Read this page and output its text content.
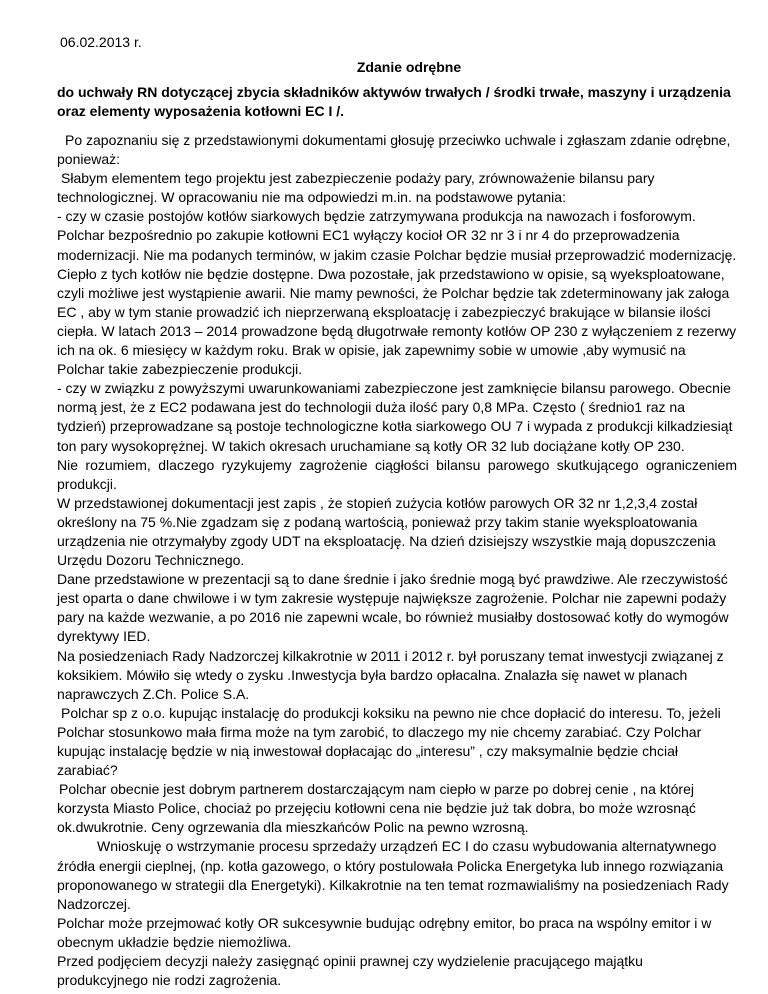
06.02.2013 r.
Zdanie odrębne
do uchwały RN dotyczącej zbycia składników aktywów trwałych / środki trwałe, maszyny i urządzenia oraz elementy wyposażenia kotłowni EC I /.

Po zapoznaniu się z przedstawionymi dokumentami głosuję przeciwko uchwale i zgłaszam zdanie odrębne, ponieważ:

Słabym elementem tego projektu jest zabezpieczenie podaży pary, zrównoważenie bilansu pary technologicznej. W opracowaniu nie ma odpowiedzi m.in. na podstawowe pytania:

- czy w czasie postojów kotłów siarkowych będzie zatrzymywana produkcja na nawozach i fosforowym. Polchar bezpośrednio po zakupie kotłowni EC1 wyłączy kocioł OR 32 nr 3 i nr 4 do przeprowadzenia modernizacji. Nie ma podanych terminów, w jakim czasie Polchar będzie musiał przeprowadzić modernizację. Ciepło z tych kotłów nie będzie dostępne. Dwa pozostałe, jak przedstawiono w opisie, są wyeksploatowane, czyli możliwe jest wystąpienie awarii. Nie mamy pewności, że Polchar będzie tak zdeterminowany jak załoga EC , aby w tym stanie prowadzić ich nieprzerwaną eksploatację i zabezpieczyć brakujące w bilansie ilości ciepła. W latach 2013 – 2014 prowadzone będą długotrwałe remonty kotłów OP 230 z wyłączeniem z rezerwy ich na ok. 6 miesięcy w każdym roku. Brak w opisie, jak zapewnimy sobie w umowie ,aby wymusić na Polchar takie zabezpieczenie produkcji.

- czy w związku z powyższymi uwarunkowaniami zabezpieczone jest zamknięcie bilansu parowego. Obecnie normą jest, że z EC2 podawana jest do technologii duża ilość pary 0,8 MPa. Często ( średnio1 raz na tydzień) przeprowadzane są postoje technologiczne kotła siarkowego OU 7 i wypada z produkcji kilkadziesiąt ton pary wysokoprężnej. W takich okresach uruchamiane są kotły OR 32 lub dociążane kotły OP 230.

Nie rozumiem, dlaczego ryzykujemy zagrożenie ciągłości bilansu parowego skutkującego ograniczeniem produkcji.

W przedstawionej dokumentacji jest zapis , że stopień zużycia kotłów parowych OR 32 nr 1,2,3,4 został określony na 75 %.Nie zgadzam się z podaną wartością, ponieważ przy takim stanie wyeksploatowania urządzenia nie otrzymałyby zgody UDT na eksploatację. Na dzień dzisiejszy wszystkie mają dopuszczenia Urzędu Dozoru Technicznego.

Dane przedstawione w prezentacji są to dane średnie i jako średnie mogą być prawdziwe. Ale rzeczywistość jest oparta o dane chwilowe i w tym zakresie występuje największe zagrożenie. Polchar nie zapewni podaży pary na każde wezwanie, a po 2016 nie zapewni wcale, bo również musiałby dostosować kotły do wymogów dyrektywy IED.

Na posiedzeniach Rady Nadzorczej kilkakrotnie w 2011 i 2012 r. był poruszany temat inwestycji związanej z koksikiem. Mówiło się wtedy o zysku .Inwestycja była bardzo opłacalna. Znalazła się nawet w planach naprawczych Z.Ch. Police S.A.

Polchar sp z o.o. kupując instalację do produkcji koksiku na pewno nie chce dopłacić do interesu. To, jeżeli Polchar stosunkowo mała firma może na tym zarobić, to dlaczego my nie chcemy zarabiać. Czy Polchar kupując instalację będzie w nią inwestował dopłacając do „interesu” , czy maksymalnie będzie chciał zarabiać?

Polchar obecnie jest dobrym partnerem dostarczającym nam ciepło w parze po dobrej cenie , na której korzysta Miasto Police, chociaż po przejęciu kotłowni cena nie będzie już tak dobra, bo może wzrosnąć ok.dwukrotnie. Ceny ogrzewania dla mieszkańców Polic na pewno wzrosną.

Wnioskuję o wstrzymanie procesu sprzedaży urządzeń EC I do czasu wybudowania alternatywnego źródła energii cieplnej, (np. kotła gazowego, o który postulowała Policka Energetyka lub innego rozwiązania proponowanego w strategii dla Energetyki). Kilkakrotnie na ten temat rozmawialiśmy na posiedzeniach Rady Nadzorczej.

Polchar może przejmować kotły OR sukcesywnie budując odrębny emitor, bo praca na wspólny emitor i w obecnym układzie będzie niemożliwa.

Przed podjęciem decyzji należy zasięgnąć opinii prawnej czy wydzielenie pracującego majątku produkcyjnego nie rodzi zagrożenia.
